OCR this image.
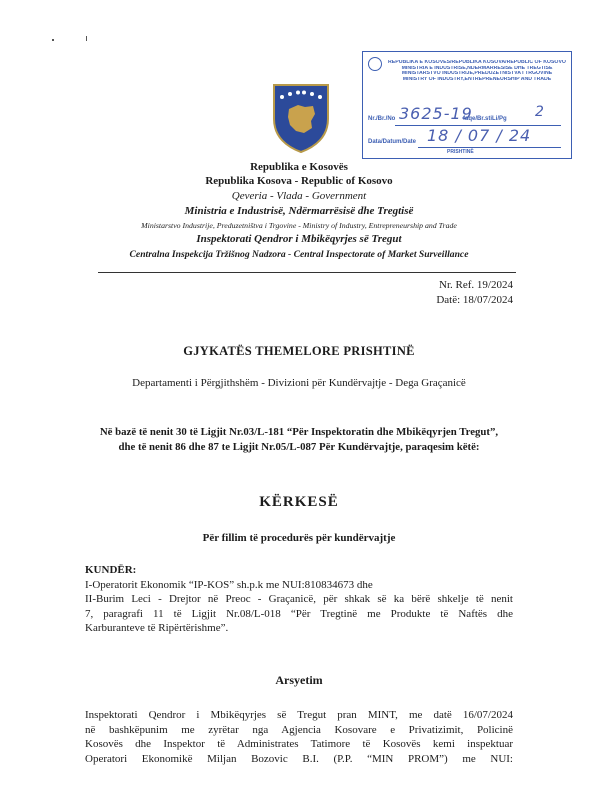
REPUBLIKA E KOSOVËS/REPUBLIKA KOSOVA/REPUBLIC OF KOSOVO
MINISTRIA E INDUSTRISË,NDËRMARRËSISË DHE TREGTISË
MINISTARSTVO INDUSTRIJE,PREDUZETNIŠTVA I TRGOVINE
MINISTRY OF INDUSTRY,ENTREPRENEURSHIP AND TRADE
Nr./Br./No 3625-19
faqe/Br.stiLi/Pg 2
Data/Datum/Date 18 / 07 / 24
PRISHTINË
Republika e Kosovës
Republika Kosova - Republic of Kosovo
Qeveria - Vlada - Government
Ministria e Industrisë, Ndërmarrësisë dhe Tregtisë
Ministarstvo Industrije, Preduzetništva i Trgovine - Ministry of Industry, Entrepreneurship and Trade
Inspektorati Qendror i Mbikëqyrjes së Tregut
Centralna Inspekcija Tržišnog Nadzora - Central Inspectorate of Market Surveillance
Nr. Ref. 19/2024
Datë: 18/07/2024
GJYKATËS THEMELORE PRISHTINË
Departamenti i Përgjithshëm - Divizioni për Kundërvajtje - Dega Graçanicë
Në bazë të nenit 30 të Ligjit Nr.03/L-181 “Për Inspektoratin dhe Mbikëqyrjen Tregut”,
dhe të nenit 86 dhe 87 te Ligjit Nr.05/L-087 Për Kundërvajtje, paraqesim këtë:
KËRKESË
Për fillim të procedurës për kundërvajtje

KUNDËR:

I-Operatorit Ekonomik “IP-KOS” sh.p.k me NUI:810834673 dhe

II-Burim Leci - Drejtor në Preoc - Graçanicë, për shkak së ka bërë shkelje të nenit

7, paragrafi 11 të Ligjit Nr.08/L-018 “Për Tregtinë me Produkte të Naftës dhe

Karburanteve të Ripërtërishme”.

Arsyetim

Inspektorati Qendror i Mbikëqyrjes së Tregut pran MINT, me datë 16/07/2024

në bashkëpunim me zyrëtar nga Agjencia Kosovare e Privatizimit, Policinë

Kosovës dhe Inspektor të Administrates Tatimore të Kosovës kemi inspektuar

Operatori Ekonomikë Miljan Bozovic B.I. (P.P. “MIN PROM”) me NUI:
